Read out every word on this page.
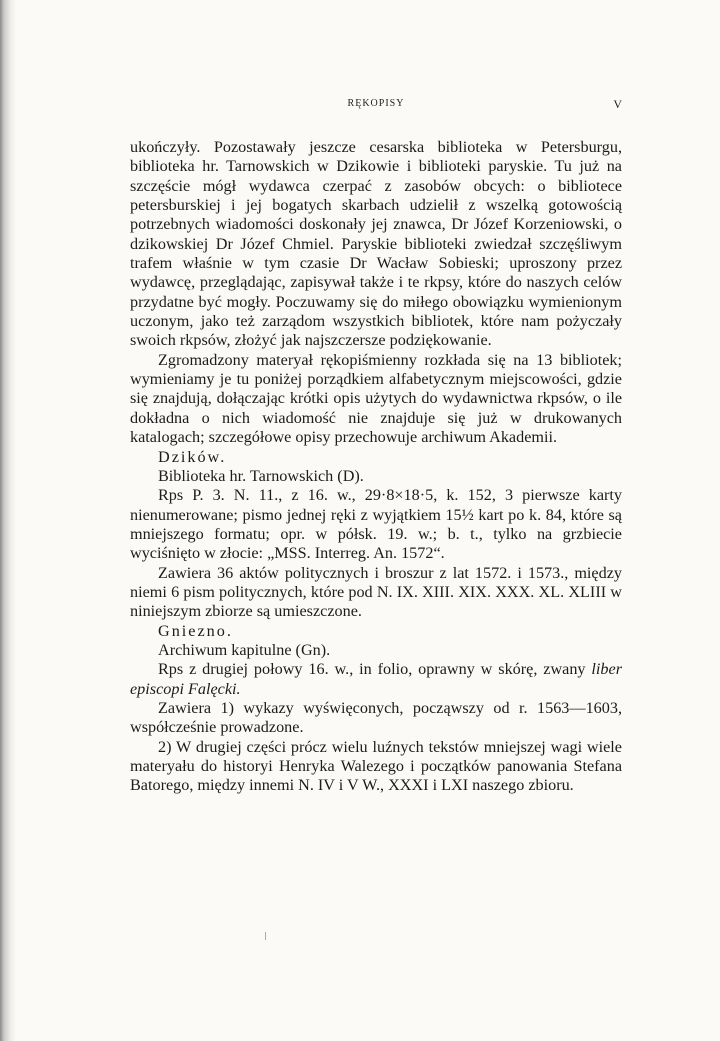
RĘKOPISY	V

ukończyły. Pozostawały jeszcze cesarska biblioteka w Petersburgu, biblioteka hr. Tarnowskich w Dzikowie i biblioteki paryskie. Tu już na szczęście mógł wydawca czerpać z zasobów obcych: o bibliotece petersburskiej i jej bogatych skarbach udzielił z wszelką gotowością potrzebnych wiadomości doskonały jej znawca, Dr Józef Korzeniowski, o dzikowskiej Dr Józef Chmiel. Paryskie biblioteki zwiedzał szczęśliwym trafem właśnie w tym czasie Dr Wacław Sobieski; uproszony przez wydawcę, przeglądając, zapisywał także i te rkpsy, które do naszych celów przydatne być mogły. Poczuwamy się do miłego obowiązku wymienionym uczonym, jako też zarządom wszystkich bibliotek, które nam pożyczały swoich rkpsów, złożyć jak najszczersze podziękowanie.

Zgromadzony materyał rękopiśmienny rozkłada się na 13 bibliotek; wymieniamy je tu poniżej porządkiem alfabetycznym miejscowości, gdzie się znajdują, dołączając krótki opis użytych do wydawnictwa rkpsów, o ile dokładna o nich wiadomość nie znajduje się już w drukowanych katalogach; szczegółowe opisy przechowuje archiwum Akademii.

Dzików.

Biblioteka hr. Tarnowskich (D).

Rps P. 3. N. 11., z 16. w., 29·8×18·5, k. 152, 3 pierwsze karty nienumerowane; pismo jednej ręki z wyjątkiem 15½ kart po k. 84, które są mniejszego formatu; opr. w półsk. 19. w.; b. t., tylko na grzbiecie wyciśnięto w złocie: „MSS. Interreg. An. 1572“.

Zawiera 36 aktów politycznych i broszur z lat 1572. i 1573., między niemi 6 pism politycznych, które pod N. IX. XIII. XIX. XXX. XL. XLIII w niniejszym zbiorze są umieszczone.

Gniezno.

Archiwum kapitulne (Gn).

Rps z drugiej połowy 16. w., in folio, oprawny w skórę, zwany liber episcopi Falęcki.

Zawiera 1) wykazy wyświęconych, począwszy od r. 1563—1603, współcześnie prowadzone.

2) W drugiej części prócz wielu luźnych tekstów mniejszej wagi wiele materyału do historyi Henryka Walezego i początków panowania Stefana Batorego, między innemi N. IV i V W., XXXI i LXI naszego zbioru.
